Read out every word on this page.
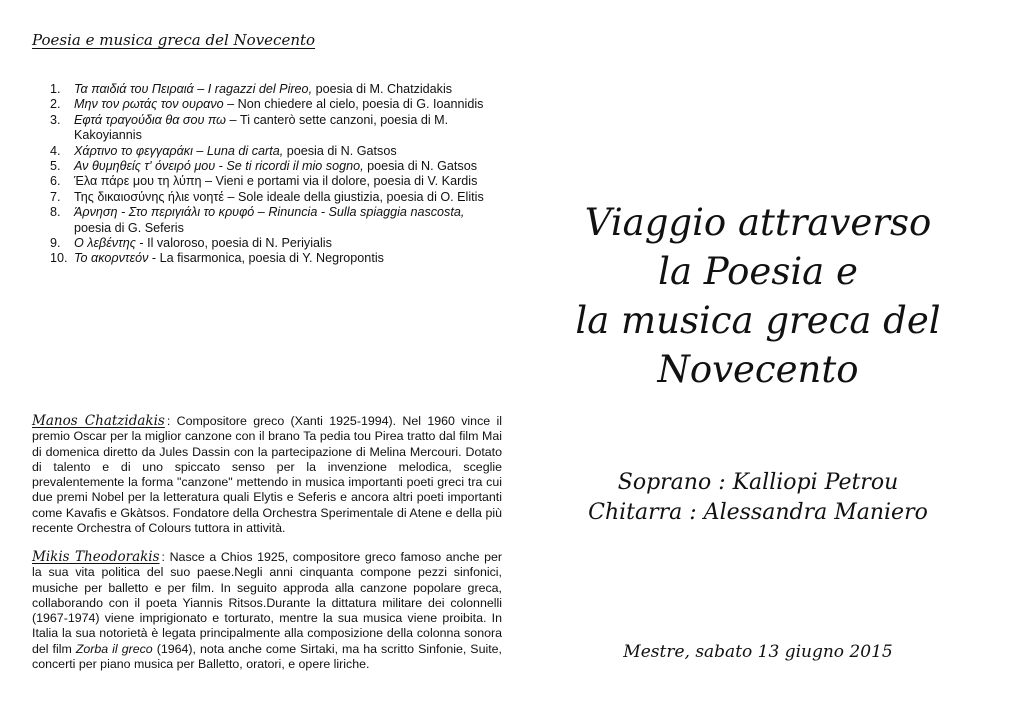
Poesia e musica greca del Novecento
1.	Τα παιδιά του Πειραιά – I ragazzi del Pireo, poesia di M. Chatzidakis
2.	Μην τον ρωτάς τον ουρανο – Non chiedere al cielo, poesia di G. Ioannidis
3.	Εφτά τραγούδια θα σου πω – Ti canterò sette canzoni, poesia di M. Kakoyiannis
4.	Χάρτινο το φεγγαράκι – Luna di carta, poesia di N. Gatsos
5.	Αν θυμηθείς τ' όνειρό μου - Se ti ricordi il mio sogno, poesia di N. Gatsos
6.	Έλα πάρε μου τη λύπη – Vieni e portami via il dolore, poesia di V. Kardis
7.	Της δικαιοσύνης ήλιε νοητέ – Sole ideale della giustizia, poesia di O. Elitis
8.	Άρνηση - Στο περιγιάλι το κρυφό – Rinuncia - Sulla spiaggia nascosta, poesia di G. Seferis
9.	Ο λεβέντης - Il valoroso, poesia di N. Periyialis
10. Το ακορντεόν - La fisarmonica, poesia di Y. Negropontis
Manos Chatzidakis : Compositore greco (Xanti 1925-1994). Nel 1960 vince il premio Oscar per la miglior canzone con il brano Ta pedia tou Pirea tratto dal film Mai di domenica diretto da Jules Dassin con la partecipazione di Melina Mercouri. Dotato di talento e di uno spiccato senso per la invenzione melodica, sceglie prevalentemente la forma "canzone" mettendo in musica importanti poeti greci tra cui due premi Nobel per la letteratura quali Elytis e Seferis e ancora altri poeti importanti come Kavafis e Gkàtsos. Fondatore della Orchestra Sperimentale di Atene e della più recente Orchestra of Colours tuttora in attività.
Mikis Theodorakis : Nasce a Chios 1925, compositore greco famoso anche per la sua vita politica del suo paese.Negli anni cinquanta compone pezzi sinfonici, musiche per balletto e per film. In seguito approda alla canzone popolare greca, collaborando con il poeta Yiannis Ritsos.Durante la dittatura militare dei colonnelli (1967-1974) viene imprigionato e torturato, mentre la sua musica viene proibita. In Italia la sua notorietà è legata principalmente alla composizione della colonna sonora del film Zorba il greco (1964), nota anche come Sirtaki, ma ha scritto Sinfonie, Suite, concerti per piano musica per Balletto, oratori, e opere liriche.
Viaggio attraverso
la Poesia e
la musica greca del
Novecento
Soprano : Kalliopi Petrou
Chitarra : Alessandra Maniero
Mestre, sabato 13 giugno 2015
